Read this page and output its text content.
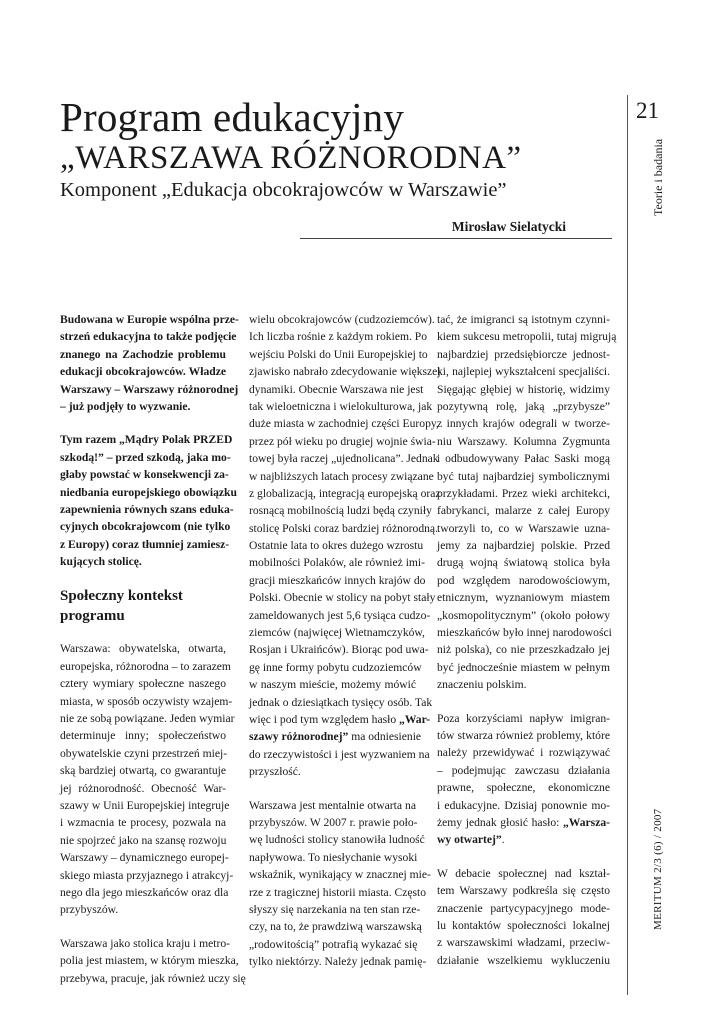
Program edukacyjny
„WARSZAWA RÓŻNORODNA”
Komponent „Edukacja obcokrajowców w Warszawie”
Mirosław Sielatycki
21
Teorie i badania
MERITUM 2/3 (6) / 2007

Budowana w Europie wspólna prze-
strzeń edukacyjna to także podjęcie
znanego na Zachodzie problemu
edukacji obcokrajowców. Władze
Warszawy – Warszawy różnorodnej
– już podjęły to wyzwanie.

Tym razem „Mądry Polak PRZED
szkodą!” – przed szkodą, jaka mo-
głaby powstać w konsekwencji za-
niedbania europejskiego obowiązku
zapewnienia równych szans eduka-
cyjnych obcokrajowcom (nie tylko
z Europy) coraz tłumniej zamiesz-
kujących stolicę.

Społeczny kontekst programu

Warszawa: obywatelska, otwarta,
europejska, różnorodna – to zarazem
cztery wymiary społeczne naszego
miasta, w sposób oczywisty wzajem-
nie ze sobą powiązane. Jeden wymiar
determinuje inny; społeczeństwo
obywatelskie czyni przestrzeń miej-
ską bardziej otwartą, co gwarantuje
jej różnorodność. Obecność War-
szawy w Unii Europejskiej integruje
i wzmacnia te procesy, pozwala na
nie spojrzeć jako na szansę rozwoju
Warszawy – dynamicznego europej-
skiego miasta przyjaznego i atrakcyj-
nego dla jego mieszkańców oraz dla
przybyszów.

Warszawa jako stolica kraju i metro-
polia jest miastem, w którym mieszka,
przebywa, pracuje, jak również uczy się

wielu obcokrajowców (cudzoziemców).
Ich liczba rośnie z każdym rokiem. Po
wejściu Polski do Unii Europejskiej to
zjawisko nabrało zdecydowanie większej
dynamiki. Obecnie Warszawa nie jest
tak wieloetniczna i wielokulturowa, jak
duże miasta w zachodniej części Europy,
przez pół wieku po drugiej wojnie świa-
towej była raczej „ujednolicana”. Jednak
w najbliższych latach procesy związane
z globalizacją, integracją europejską oraz
rosnącą mobilnością ludzi będą czyniły
stolicę Polski coraz bardziej różnorodną.
Ostatnie lata to okres dużego wzrostu
mobilności Polaków, ale również imi-
gracji mieszkańców innych krajów do
Polski. Obecnie w stolicy na pobyt stały
zameldowanych jest 5,6 tysiąca cudzo-
ziemców (najwięcej Wietnamczyków,
Rosjan i Ukraińców). Biorąc pod uwa-
gę inne formy pobytu cudzoziemców
w naszym mieście, możemy mówić
jednak o dziesiątkach tysięcy osób. Tak
więc i pod tym względem hasło „War-
szawy różnorodnej” ma odniesienie
do rzeczywistości i jest wyzwaniem na
przyszłość.

Warszawa jest mentalnie otwarta na
przybyszów. W 2007 r. prawie poło-
wę ludności stolicy stanowiła ludność
napływowa. To niesłychanie wysoki
wskaźnik, wynikający w znacznej mie-
rze z tragicznej historii miasta. Często
słyszy się narzekania na ten stan rze-
czy, na to, że prawdziwą warszawską
„rodowitością” potrafią wykazać się
tylko niektórzy. Należy jednak pamię-

tać, że imigranci są istotnym czynni-
kiem sukcesu metropolii, tutaj migrują
najbardziej przedsiębiorcze jednost-
ki, najlepiej wykształceni specjaliści.
Sięgając głębiej w historię, widzimy
pozytywną rolę, jaką „przybysze”
z innych krajów odegrali w tworze-
niu Warszawy. Kolumna Zygmunta
i odbudowywany Pałac Saski mogą
być tutaj najbardziej symbolicznymi
przykładami. Przez wieki architekci,
fabrykanci, malarze z całej Europy
tworzyli to, co w Warszawie uzna-
jemy za najbardziej polskie. Przed
drugą wojną światową stolica była
pod względem narodowościowym,
etnicznym, wyznaniowym miastem
„kosmopolitycznym” (około połowy
mieszkańców było innej narodowości
niż polska), co nie przeszkadzało jej
być jednocześnie miastem w pełnym
znaczeniu polskim.

Poza korzyściami napływ imigran-
tów stwarza również problemy, które
należy przewidywać i rozwiązywać
– podejmując zawczasu działania
prawne, społeczne, ekonomiczne
i edukacyjne. Dzisiaj ponownie mo-
żemy jednak głosić hasło: „Warsza-
wy otwartej”.

W debacie społecznej nad kształ-
tem Warszawy podkreśla się często
znaczenie partycypacyjnego mode-
lu kontaktów społeczności lokalnej
z warszawskimi władzami, przeciw-
działanie wszelkiemu wykluczeniu
